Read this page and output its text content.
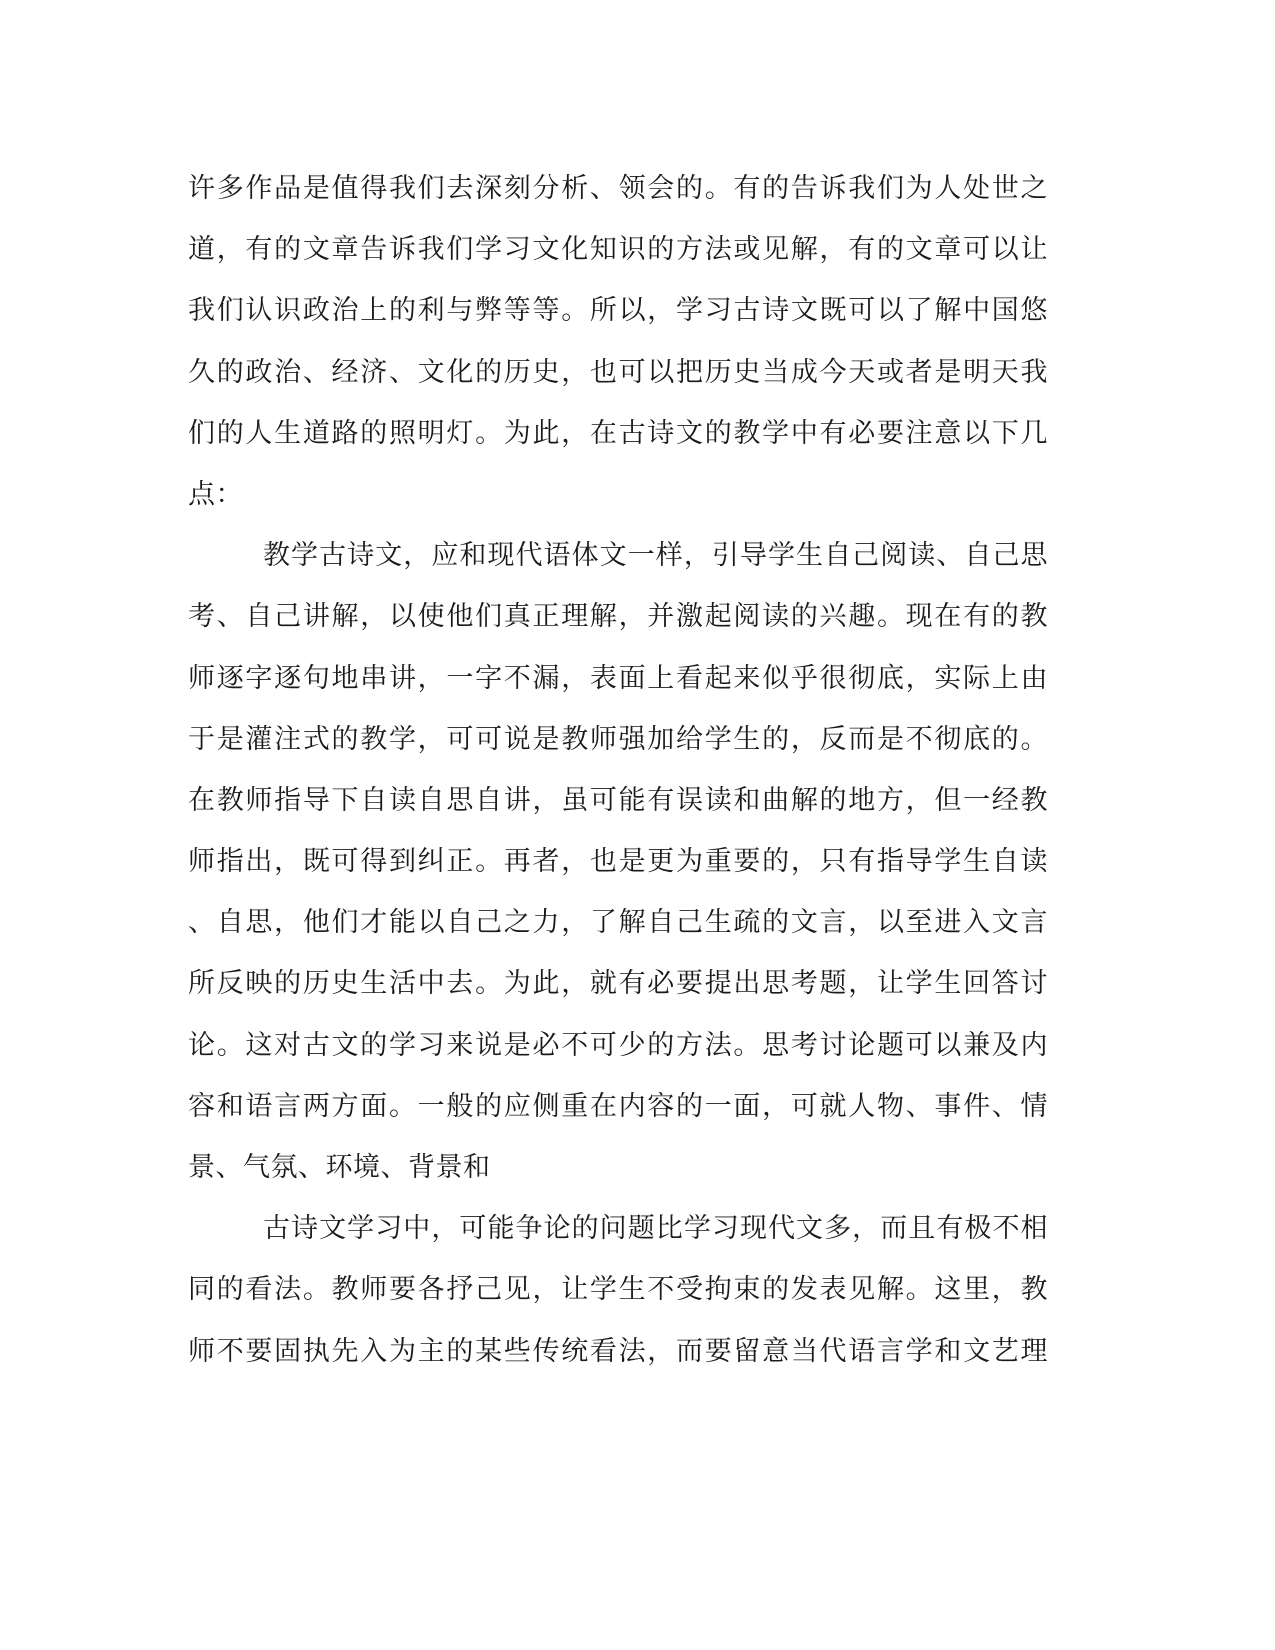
许多作品是值得我们去深刻分析、领会的。有的告诉我们为人处世之
道，有的文章告诉我们学习文化知识的方法或见解，有的文章可以让
我们认识政治上的利与弊等等。所以，学习古诗文既可以了解中国悠
久的政治、经济、文化的历史，也可以把历史当成今天或者是明天我
们的人生道路的照明灯。为此，在古诗文的教学中有必要注意以下几
点：
教学古诗文，应和现代语体文一样，引导学生自己阅读、自己思
考、自己讲解，以使他们真正理解，并激起阅读的兴趣。现在有的教
师逐字逐句地串讲，一字不漏，表面上看起来似乎很彻底，实际上由
于是灌注式的教学，可可说是教师强加给学生的，反而是不彻底的。
在教师指导下自读自思自讲，虽可能有误读和曲解的地方，但一经教
师指出，既可得到纠正。再者，也是更为重要的，只有指导学生自读
、自思，他们才能以自己之力，了解自己生疏的文言，以至进入文言
所反映的历史生活中去。为此，就有必要提出思考题，让学生回答讨
论。这对古文的学习来说是必不可少的方法。思考讨论题可以兼及内
容和语言两方面。一般的应侧重在内容的一面，可就人物、事件、情
景、气氛、环境、背景和
古诗文学习中，可能争论的问题比学习现代文多，而且有极不相
同的看法。教师要各抒己见，让学生不受拘束的发表见解。这里，教
师不要固执先入为主的某些传统看法，而要留意当代语言学和文艺理
